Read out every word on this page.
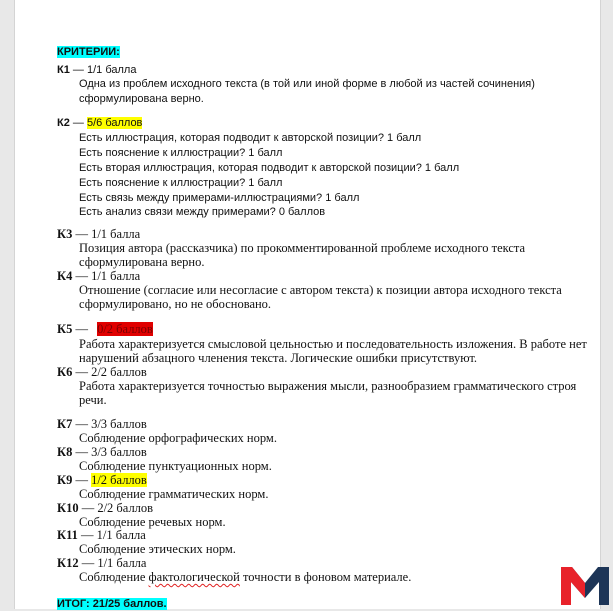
КРИТЕРИИ:
К1 — 1/1 балла
Одна из проблем исходного текста (в той или иной форме в любой из частей сочинения)
сформулирована верно.
К2 — 5/6 баллов
Есть иллюстрация, которая подводит к авторской позиции? 1 балл
Есть пояснение к иллюстрации? 1 балл
Есть вторая иллюстрация, которая подводит к авторской позиции? 1 балл
Есть пояснение к иллюстрации? 1 балл
Есть связь между примерами-иллюстрациями? 1 балл
Есть анализ связи между примерами? 0 баллов
К3 — 1/1 балла
Позиция автора (рассказчика) по прокомментированной проблеме исходного текста
сформулирована верно.
К4 — 1/1 балла
Отношение (согласие или несогласие с автором текста) к позиции автора исходного текста
сформулировано, но не обосновано.
К5 — 0/2 баллов
Работа характеризуется смысловой цельностью и последовательность изложения. В работе нет
нарушений абзацного членения текста. Логические ошибки присутствуют.
К6 — 2/2 баллов
Работа характеризуется точностью выражения мысли, разнообразием грамматического строя
речи.
К7 — 3/3 баллов
Соблюдение орфографических норм.
К8 — 3/3 баллов
Соблюдение пунктуационных норм.
К9 — 1/2 баллов
Соблюдение грамматических норм.
К10 — 2/2 баллов
Соблюдение речевых норм.
К11 — 1/1 балла
Соблюдение этических норм.
К12 — 1/1 балла
Соблюдение фактологической точности в фоновом материале.
ИТОГ: 21/25 баллов.
